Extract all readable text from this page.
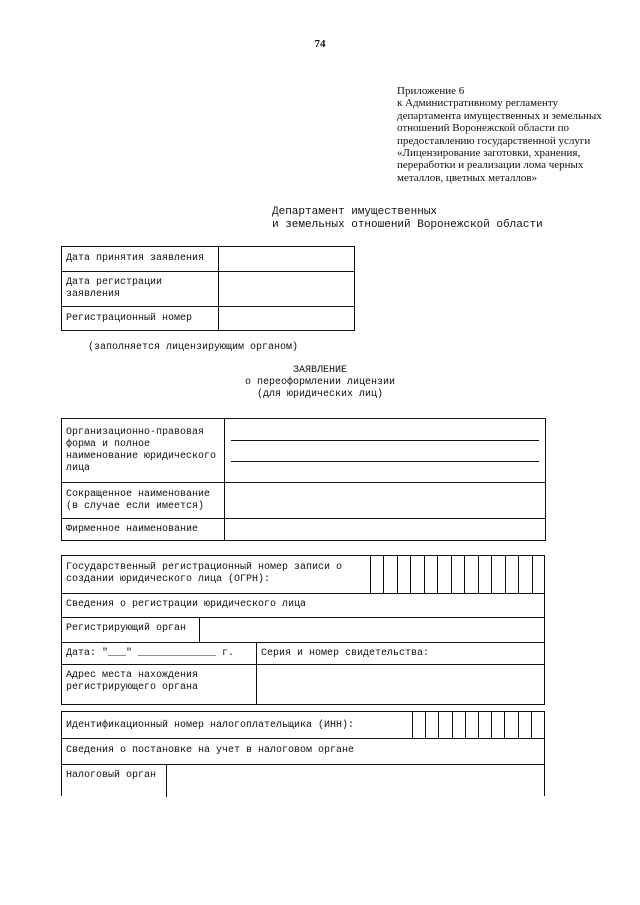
74
Приложение 6
к Административному регламенту
департамента имущественных и земельных
отношений Воронежской области по
предоставлению государственной услуги
«Лицензирование заготовки, хранения,
переработки и реализации лома черных
металлов, цветных металлов»
Департамент имущественных
и земельных отношений Воронежской области
Дата принятия заявления	
Дата регистрации заявления	
Регистрационный номер	
(заполняется лицензирующим органом)
ЗАЯВЛЕНИЕ
о переоформлении лицензии
(для юридических лиц)
Организационно-правовая форма и полное наименование юридического лица	

Сокращенное наименование (в случае если имеется)	
Фирменное наименование	
Государственный регистрационный номер записи о создании юридического лица (ОГРН):
Сведения о регистрации юридического лица
Регистрирующий орган
Дата: "___" _____________ г.	Серия и номер свидетельства:
Адрес места нахождения регистрирующего органа
Идентификационный номер налогоплательщика (ИНН):
Сведения о постановке на учет в налоговом органе
Налоговый орган
